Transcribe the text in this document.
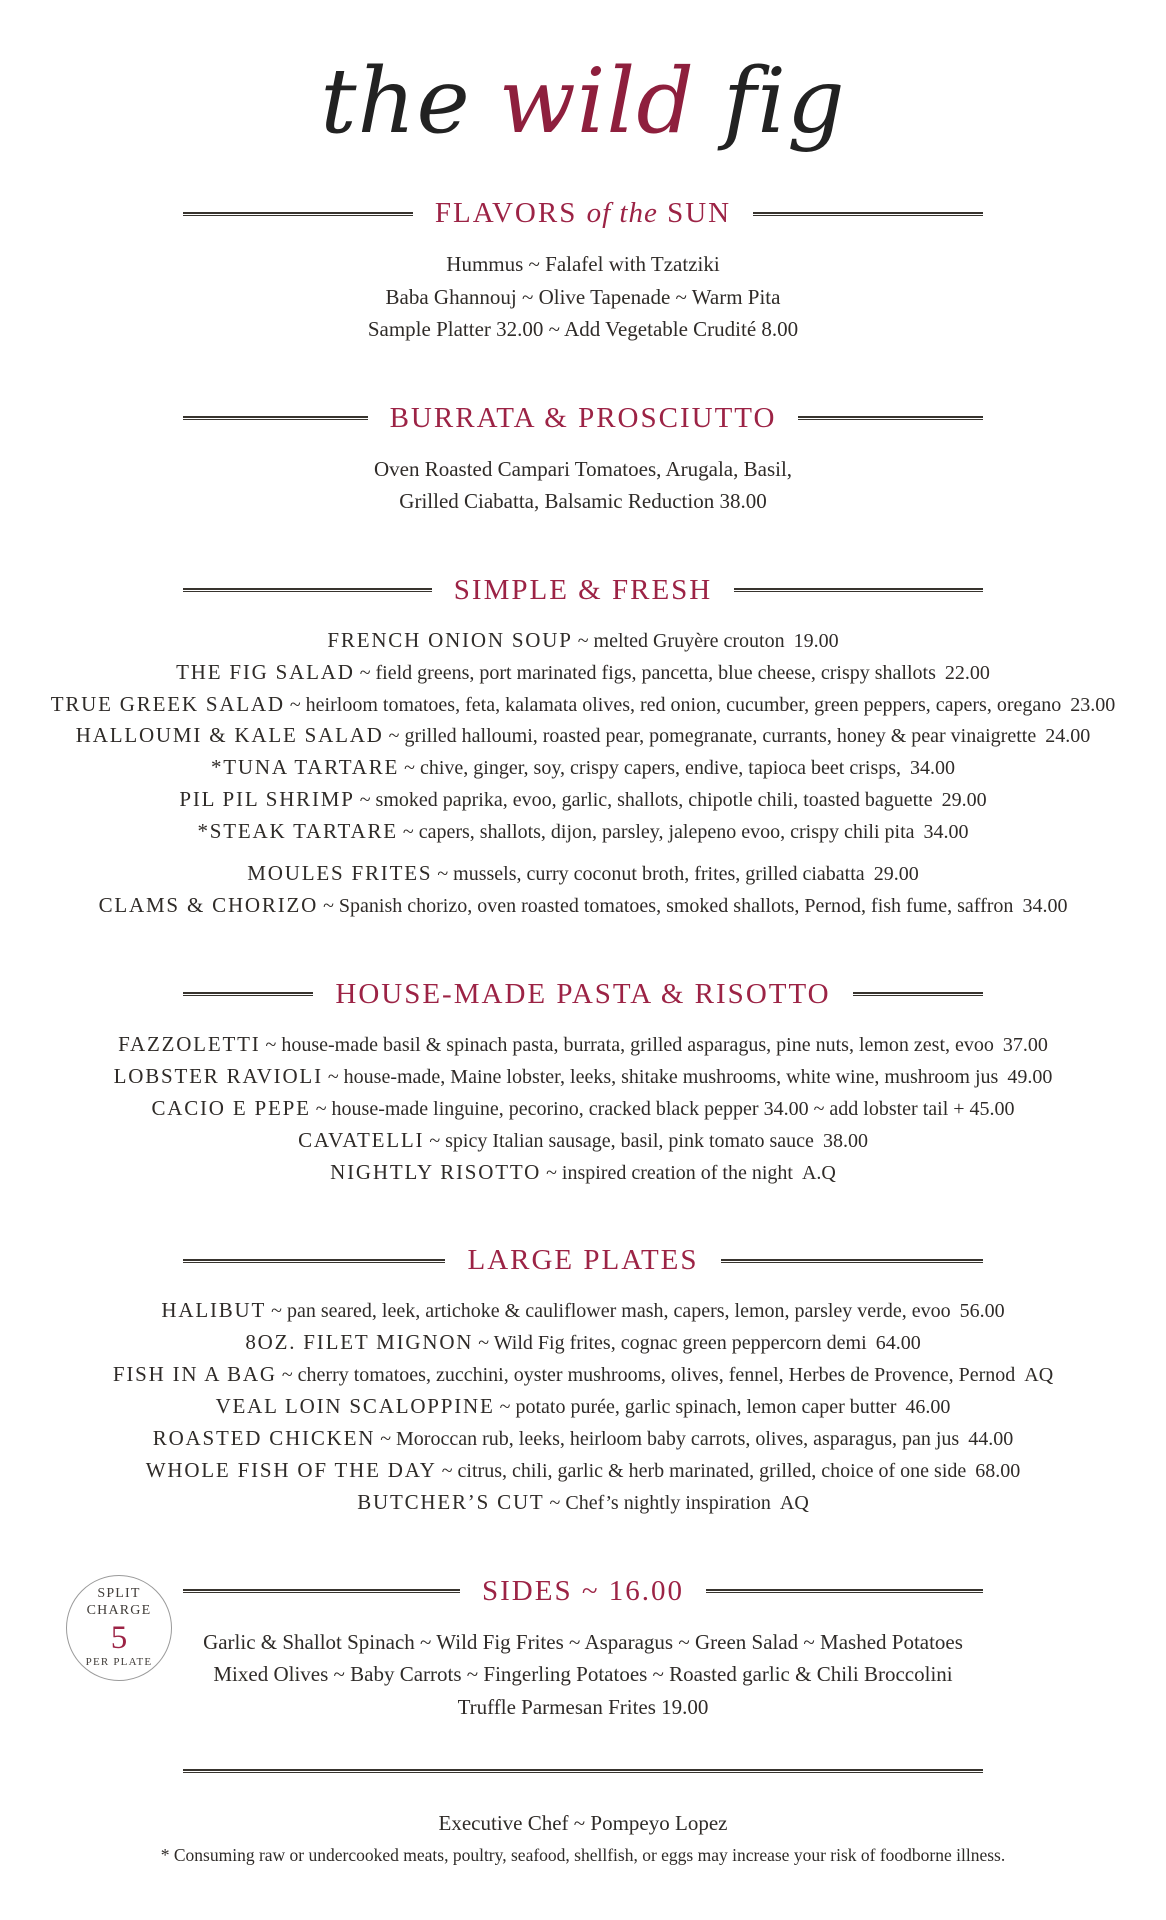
the wild fig
FLAVORS of the SUN

Hummus ~ Falafel with Tzatziki

Baba Ghannouj ~ Olive Tapenade ~ Warm Pita

Sample Platter 32.00 ~ Add Vegetable Crudité 8.00

BURRATA & PROSCIUTTO

Oven Roasted Campari Tomatoes, Arugala, Basil,

Grilled Ciabatta, Balsamic Reduction 38.00

SIMPLE & FRESH

FRENCH ONION SOUP ~ melted Gruyère crouton 19.00

THE FIG SALAD ~ field greens, port marinated figs, pancetta, blue cheese, crispy shallots 22.00

TRUE GREEK SALAD ~ heirloom tomatoes, feta, kalamata olives, red onion, cucumber, green peppers, capers, oregano 23.00

HALLOUMI & KALE SALAD ~ grilled halloumi, roasted pear, pomegranate, currants, honey & pear vinaigrette 24.00

*TUNA TARTARE ~ chive, ginger, soy, crispy capers, endive, tapioca beet crisps, 34.00

PIL PIL SHRIMP ~ smoked paprika, evoo, garlic, shallots, chipotle chili, toasted baguette 29.00

*STEAK TARTARE ~ capers, shallots, dijon, parsley, jalepeno evoo, crispy chili pita 34.00

MOULES FRITES ~ mussels, curry coconut broth, frites, grilled ciabatta 29.00

CLAMS & CHORIZO ~ Spanish chorizo, oven roasted tomatoes, smoked shallots, Pernod, fish fume, saffron 34.00

HOUSE-MADE PASTA & RISOTTO

FAZZOLETTI ~ house-made basil & spinach pasta, burrata, grilled asparagus, pine nuts, lemon zest, evoo 37.00

LOBSTER RAVIOLI ~ house-made, Maine lobster, leeks, shitake mushrooms, white wine, mushroom jus 49.00

CACIO E PEPE ~ house-made linguine, pecorino, cracked black pepper 34.00 ~ add lobster tail + 45.00

CAVATELLI ~ spicy Italian sausage, basil, pink tomato sauce 38.00

NIGHTLY RISOTTO ~ inspired creation of the night A.Q

LARGE PLATES

HALIBUT ~ pan seared, leek, artichoke & cauliflower mash, capers, lemon, parsley verde, evoo 56.00

8OZ. FILET MIGNON ~ Wild Fig frites, cognac green peppercorn demi 64.00

FISH IN A BAG ~ cherry tomatoes, zucchini, oyster mushrooms, olives, fennel, Herbes de Provence, Pernod AQ

VEAL LOIN SCALOPPINE ~ potato purée, garlic spinach, lemon caper butter 46.00

ROASTED CHICKEN ~ Moroccan rub, leeks, heirloom baby carrots, olives, asparagus, pan jus 44.00

WHOLE FISH OF THE DAY ~ citrus, chili, garlic & herb marinated, grilled, choice of one side 68.00

BUTCHER’S CUT ~ Chef’s nightly inspiration AQ

SIDES ~ 16.00

Garlic & Shallot Spinach ~ Wild Fig Frites ~ Asparagus ~ Green Salad ~ Mashed Potatoes

Mixed Olives ~ Baby Carrots ~ Fingerling Potatoes ~ Roasted garlic & Chili Broccolini

Truffle Parmesan Frites 19.00

SPLIT
CHARGE
5
PER PLATE

Executive Chef ~ Pompeyo Lopez

* Consuming raw or undercooked meats, poultry, seafood, shellfish, or eggs may increase your risk of foodborne illness.
